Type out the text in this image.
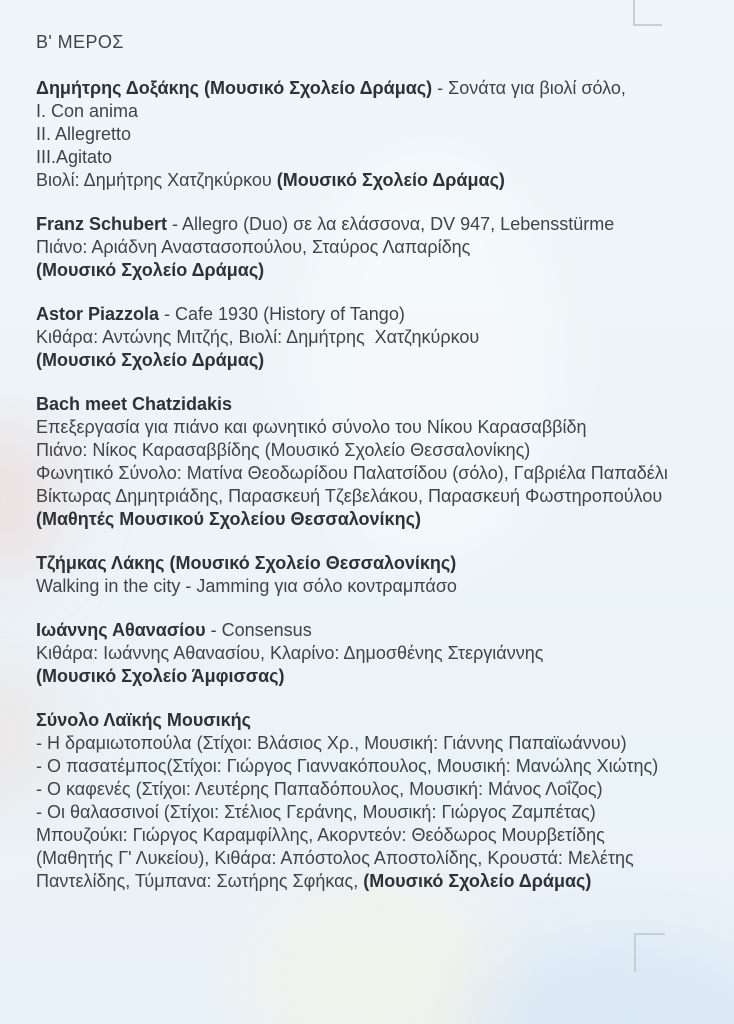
Β' ΜΕΡΟΣ
Δημήτρης Δοξάκης (Μουσικό Σχολείο Δράμας) - Σονάτα για βιολί σόλο,
I. Con anima
II. Allegretto
III.Agitato
Βιολί: Δημήτρης Χατζηκύρκου (Μουσικό Σχολείο Δράμας)
Franz Schubert - Allegro (Duo) σε λα ελάσσονα, DV 947, Lebensstürme
Πιάνο: Αριάδνη Αναστασοπούλου, Σταύρος Λαπαρίδης
(Μουσικό Σχολείο Δράμας)
Astor Piazzola - Cafe 1930 (History of Tango)
Κιθάρα: Αντώνης Μιτζής, Βιολί: Δημήτρης  Χατζηκύρκου
(Μουσικό Σχολείο Δράμας)
Bach meet Chatzidakis
Επεξεργασία για πιάνο και φωνητικό σύνολο του Νίκου Καρασαββίδη
Πιάνο: Νίκος Καρασαββίδης (Μουσικό Σχολείο Θεσσαλονίκης)
Φωνητικό Σύνολο: Ματίνα Θεοδωρίδου Παλατσίδου (σόλο), Γαβριέλα Παπαδέλι
Βίκτωρας Δημητριάδης, Παρασκευή Τζεβελάκου, Παρασκευή Φωστηροπούλου
(Μαθητές Μουσικού Σχολείου Θεσσαλονίκης)
Τζήμκας Λάκης (Μουσικό Σχολείο Θεσσαλονίκης)
Walking in the city - Jamming για σόλο κοντραμπάσο
Ιωάννης Αθανασίου - Consensus
Κιθάρα: Ιωάννης Αθανασίου, Κλαρίνο: Δημοσθένης Στεργιάννης
(Μουσικό Σχολείο Άμφισσας)
Σύνολο Λαϊκής Μουσικής
- Η δραμιωτοπούλα (Στίχοι: Βλάσιος Χρ., Μουσική: Γιάννης Παπαϊωάννου)
- Ο πασατέμπος(Στίχοι: Γιώργος Γιαννακόπουλος, Μουσική: Μανώλης Χιώτης)
- Ο καφενές (Στίχοι: Λευτέρης Παπαδόπουλος, Μουσική: Μάνος Λοΐζος)
- Οι θαλασσινοί (Στίχοι: Στέλιος Γεράνης, Μουσική: Γιώργος Ζαμπέτας)
Μπουζούκι: Γιώργος Καραμφίλλης, Ακορντεόν: Θεόδωρος Μουρβετίδης
(Μαθητής Γ' Λυκείου), Κιθάρα: Απόστολος Αποστολίδης, Κρουστά: Μελέτης
Παντελίδης, Τύμπανα: Σωτήρης Σφήκας, (Μουσικό Σχολείο Δράμας)
